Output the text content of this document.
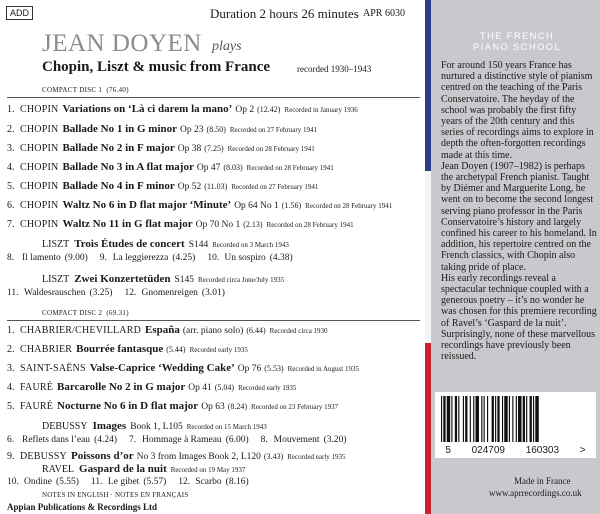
ADD	Duration 2 hours 26 minutes APR 6030
JEAN DOYEN plays
Chopin, Liszt & music from France	recorded 1930–1943
COMPACT DISC 1 (76.40)
1. CHOPIN Variations on ‘Là ci darem la mano’ Op 2 (12.42) Recorded in January 1936
2. CHOPIN Ballade No 1 in G minor Op 23 (8.50) Recorded on 27 February 1941
3. CHOPIN Ballade No 2 in F major Op 38 (7.25) Recorded on 28 February 1941
4. CHOPIN Ballade No 3 in A flat major Op 47 (8.03) Recorded on 28 February 1941
5. CHOPIN Ballade No 4 in F minor Op 52 (11.03) Recorded on 27 February 1941
6. CHOPIN Waltz No 6 in D flat major ‘Minute’ Op 64 No 1 (1.56) Recorded on 28 February 1941
7. CHOPIN Waltz No 11 in G flat major Op 70 No 1 (2.13) Recorded on 28 February 1941
LISZT Trois Études de concert S144 Recorded on 3 March 1943
8. Il lamento (9.00) 9. La leggierezza (4.25) 10. Un sospiro (4.38)
LISZT Zwei Konzertetüden S145 Recorded circa June/July 1935
11. Waldesrauschen (3.25) 12. Gnomenreigen (3.01)
COMPACT DISC 2 (69.31)
1. CHABRIER/CHEVILLARD España (arr. piano solo) (6.44) Recorded circa 1930
2. CHABRIER Bourrée fantasque (5.44) Recorded early 1935
3. SAINT-SAËNS Valse-Caprice ‘Wedding Cake’ Op 76 (5.53) Recorded in August 1935
4. FAURÉ Barcarolle No 2 in G major Op 41 (5.04) Recorded early 1935
5. FAURÉ Nocturne No 6 in D flat major Op 63 (8.24) Recorded on 23 February 1937
DEBUSSY Images Book 1, L105 Recorded on 15 March 1943
6. Reflets dans l’eau (4.24) 7. Hommage à Rameau (6.00) 8. Mouvement (3.20)
9. DEBUSSY Poissons d’or No 3 from Images Book 2, L120 (3.43) Recorded early 1935
NOTES IN ENGLISH · NOTES EN FRANÇAIS
Appian Publications & Recordings Ltd
THE FRENCH
PIANO SCHOOL

For around 150 years France has nurtured a distinctive style of pianism centred on the teaching of the Paris Conservatoire. The heyday of the school was probably the first fifty years of the 20th century and this series of recordings aims to explore in depth the often-forgotten recordings made at this time.

Jean Doyen (1907–1982) is perhaps the archetypal French pianist. Taught by Diémer and Marguerite Long, he went on to become the second longest serving piano professor in the Paris Conservatoire’s history and largely confined his career to his homeland. In addition, his repertoire centred on the French classics, with Chopin also taking pride of place.

His early recordings reveal a spectacular technique coupled with a generous poetry – it’s no wonder he was chosen for this premiere recording of Ravel’s ‘Gaspard de la nuit’. Surprisingly, none of these marvellous recordings have previously been reissued.

5 024709 160303 >
Made in France
www.aprrecordings.co.uk
RAVEL Gaspard de la nuit Recorded on 19 May 1937
10. Ondine (5.55) 11. Le gibet (5.57) 12. Scarbo (8.16)
